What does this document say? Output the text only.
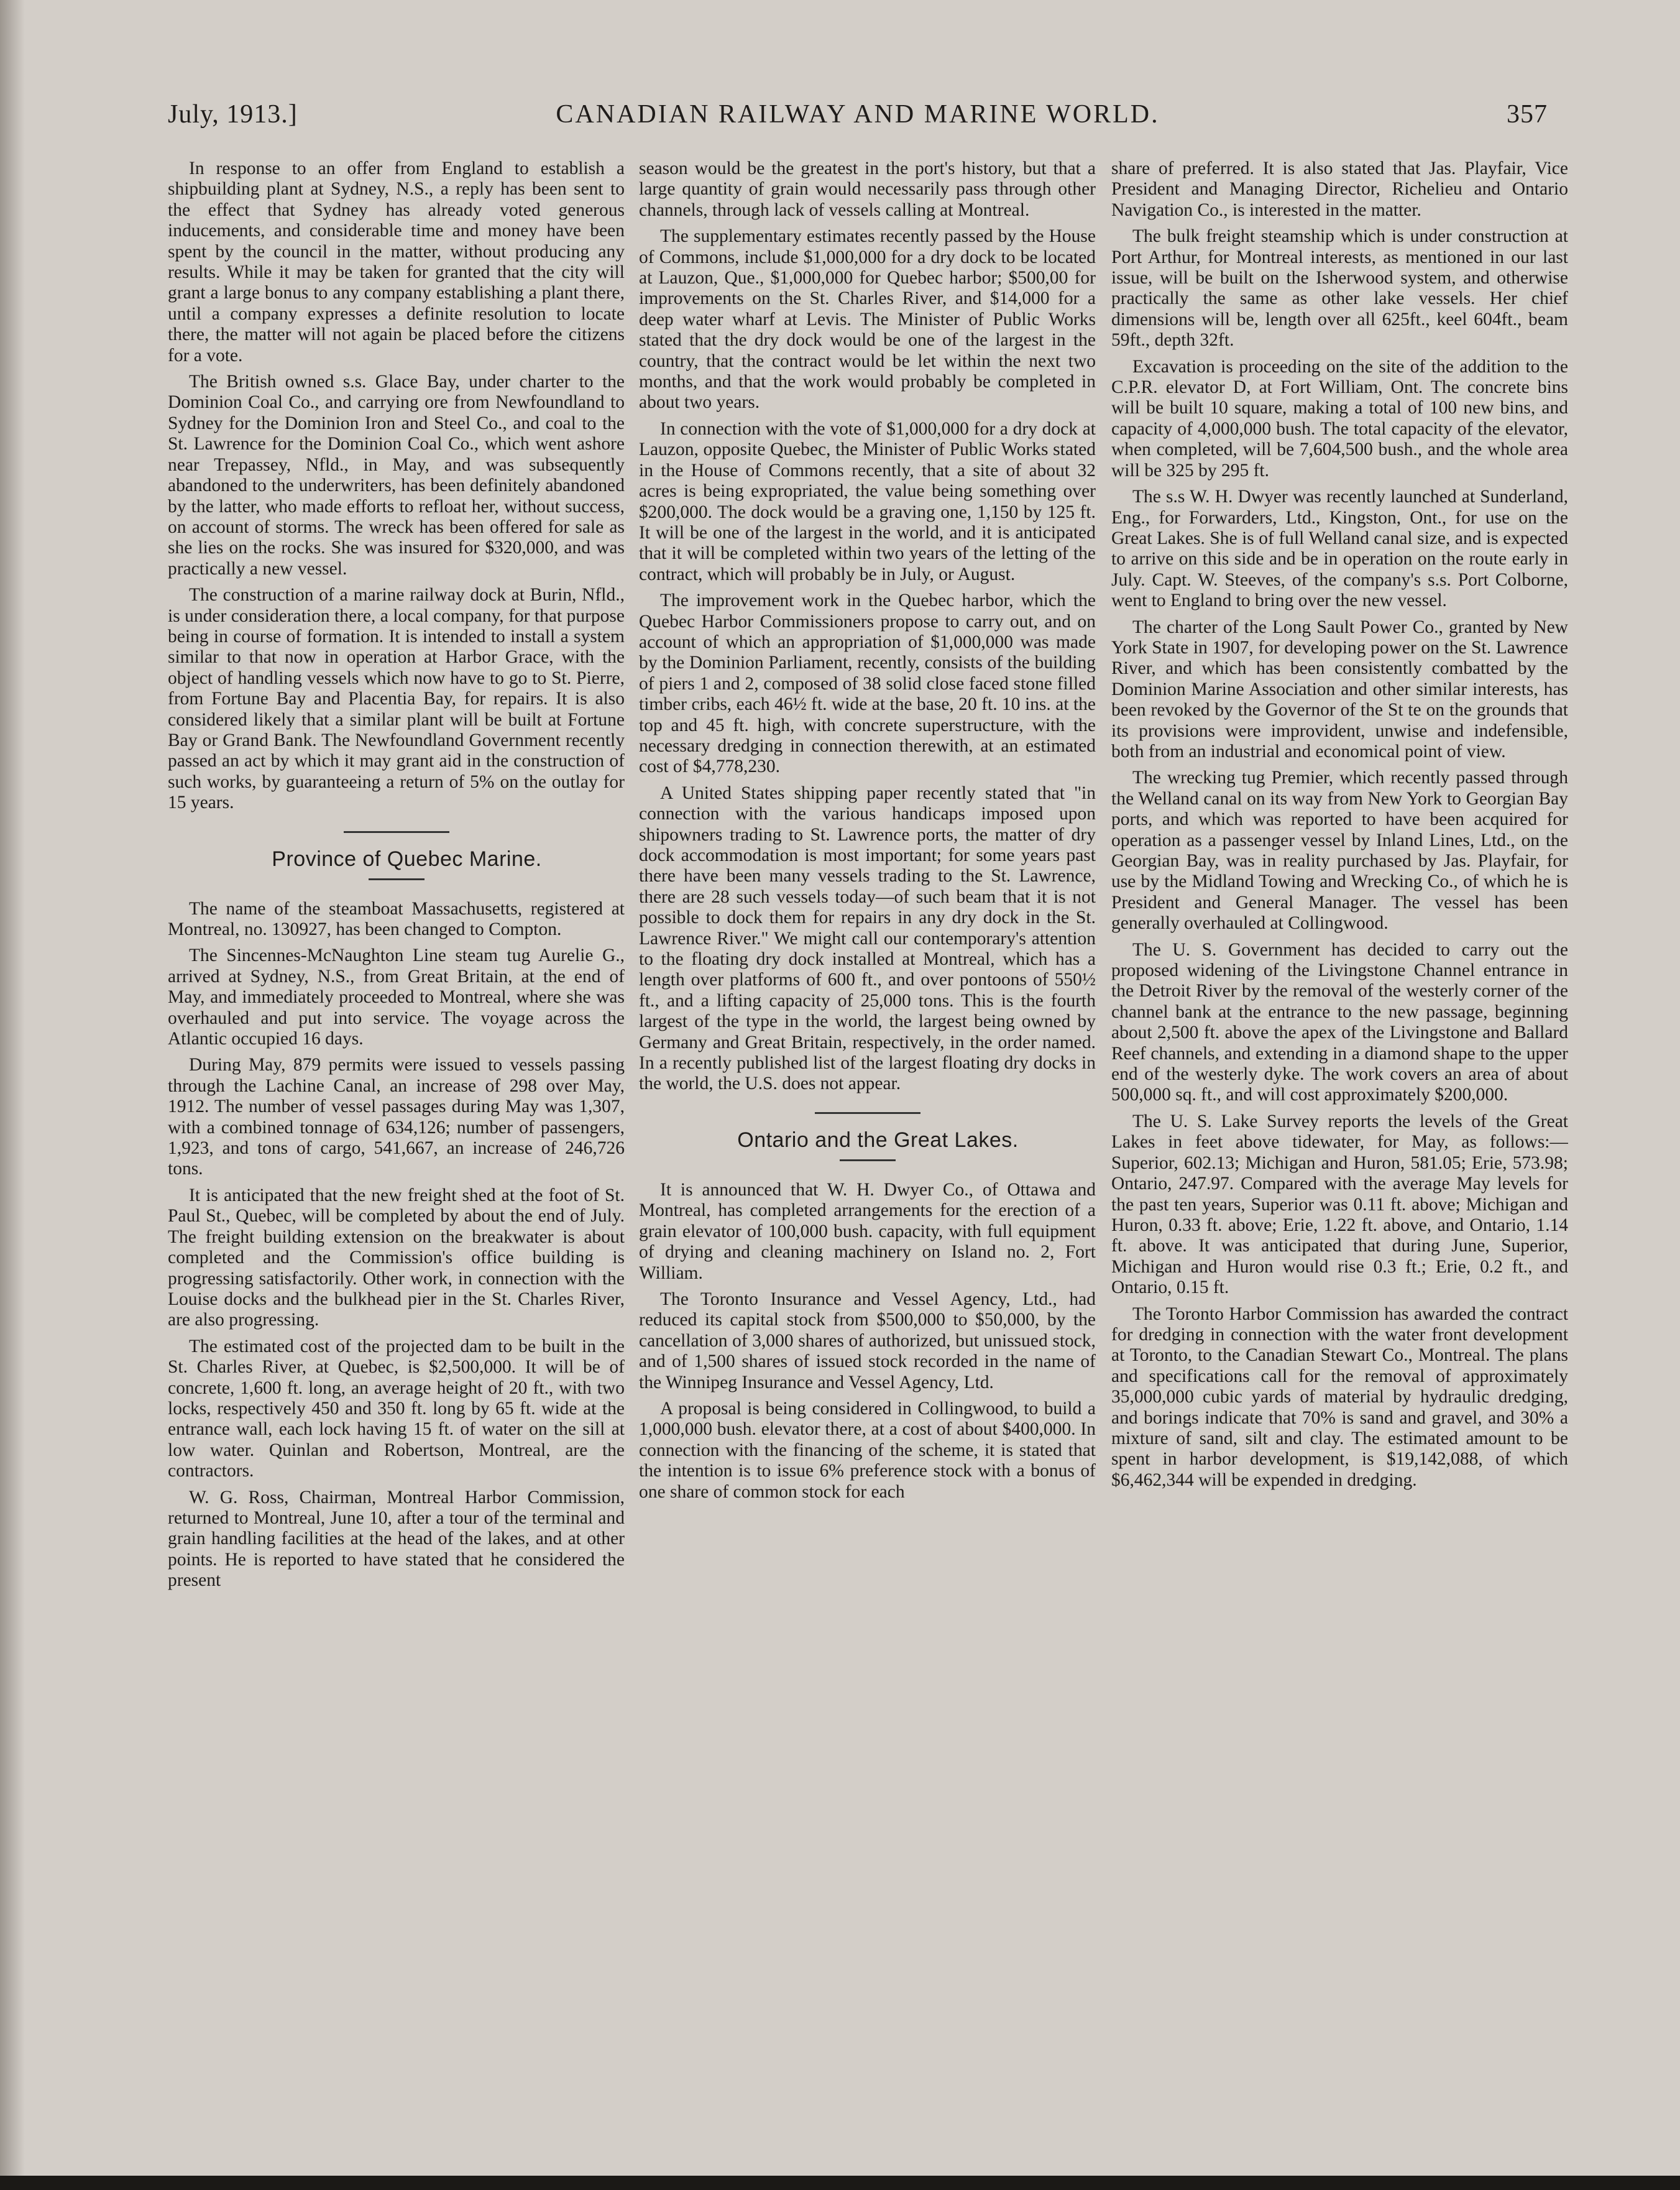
July, 1913.]	CANADIAN RAILWAY AND MARINE WORLD.	357

In response to an offer from England to establish a shipbuilding plant at Sydney, N.S., a reply has been sent to the effect that Sydney has already voted generous inducements, and considerable time and money have been spent by the council in the matter, without producing any results. While it may be taken for granted that the city will grant a large bonus to any company establishing a plant there, until a company expresses a definite resolution to locate there, the matter will not again be placed before the citizens for a vote.

The British owned s.s. Glace Bay, under charter to the Dominion Coal Co., and carrying ore from Newfoundland to Sydney for the Dominion Iron and Steel Co., and coal to the St. Lawrence for the Dominion Coal Co., which went ashore near Trepassey, Nfld., in May, and was subsequently abandoned to the underwriters, has been definitely abandoned by the latter, who made efforts to refloat her, without success, on account of storms. The wreck has been offered for sale as she lies on the rocks. She was insured for $320,000, and was practically a new vessel.

The construction of a marine railway dock at Burin, Nfld., is under consideration there, a local company, for that purpose being in course of formation. It is intended to install a system similar to that now in operation at Harbor Grace, with the object of handling vessels which now have to go to St. Pierre, from Fortune Bay and Placentia Bay, for repairs. It is also considered likely that a similar plant will be built at Fortune Bay or Grand Bank. The Newfoundland Government recently passed an act by which it may grant aid in the construction of such works, by guaranteeing a return of 5% on the outlay for 15 years.

Province of Quebec Marine.

The name of the steamboat Massachusetts, registered at Montreal, no. 130927, has been changed to Compton.

The Sincennes-McNaughton Line steam tug Aurelie G., arrived at Sydney, N.S., from Great Britain, at the end of May, and immediately proceeded to Montreal, where she was overhauled and put into service. The voyage across the Atlantic occupied 16 days.

During May, 879 permits were issued to vessels passing through the Lachine Canal, an increase of 298 over May, 1912. The number of vessel passages during May was 1,307, with a combined tonnage of 634,126; number of passengers, 1,923, and tons of cargo, 541,667, an increase of 246,726 tons.

It is anticipated that the new freight shed at the foot of St. Paul St., Quebec, will be completed by about the end of July. The freight building extension on the breakwater is about completed and the Commission's office building is progressing satisfactorily. Other work, in connection with the Louise docks and the bulkhead pier in the St. Charles River, are also progressing.

The estimated cost of the projected dam to be built in the St. Charles River, at Quebec, is $2,500,000. It will be of concrete, 1,600 ft. long, an average height of 20 ft., with two locks, respectively 450 and 350 ft. long by 65 ft. wide at the entrance wall, each lock having 15 ft. of water on the sill at low water. Quinlan and Robertson, Montreal, are the contractors.

W. G. Ross, Chairman, Montreal Harbor Commission, returned to Montreal, June 10, after a tour of the terminal and grain handling facilities at the head of the lakes, and at other points. He is reported to have stated that he considered the present

season would be the greatest in the port's history, but that a large quantity of grain would necessarily pass through other channels, through lack of vessels calling at Montreal.

The supplementary estimates recently passed by the House of Commons, include $1,000,000 for a dry dock to be located at Lauzon, Que., $1,000,000 for Quebec harbor; $500,00 for improvements on the St. Charles River, and $14,000 for a deep water wharf at Levis. The Minister of Public Works stated that the dry dock would be one of the largest in the country, that the contract would be let within the next two months, and that the work would probably be completed in about two years.

In connection with the vote of $1,000,000 for a dry dock at Lauzon, opposite Quebec, the Minister of Public Works stated in the House of Commons recently, that a site of about 32 acres is being expropriated, the value being something over $200,000. The dock would be a graving one, 1,150 by 125 ft. It will be one of the largest in the world, and it is anticipated that it will be completed within two years of the letting of the contract, which will probably be in July, or August.

The improvement work in the Quebec harbor, which the Quebec Harbor Commissioners propose to carry out, and on account of which an appropriation of $1,000,000 was made by the Dominion Parliament, recently, consists of the building of piers 1 and 2, composed of 38 solid close faced stone filled timber cribs, each 46½ ft. wide at the base, 20 ft. 10 ins. at the top and 45 ft. high, with concrete superstructure, with the necessary dredging in connection therewith, at an estimated cost of $4,778,230.

A United States shipping paper recently stated that "in connection with the various handicaps imposed upon shipowners trading to St. Lawrence ports, the matter of dry dock accommodation is most important; for some years past there have been many vessels trading to the St. Lawrence, there are 28 such vessels today—of such beam that it is not possible to dock them for repairs in any dry dock in the St. Lawrence River." We might call our contemporary's attention to the floating dry dock installed at Montreal, which has a length over platforms of 600 ft., and over pontoons of 550½ ft., and a lifting capacity of 25,000 tons. This is the fourth largest of the type in the world, the largest being owned by Germany and Great Britain, respectively, in the order named. In a recently published list of the largest floating dry docks in the world, the U.S. does not appear.

Ontario and the Great Lakes.

It is announced that W. H. Dwyer Co., of Ottawa and Montreal, has completed arrangements for the erection of a grain elevator of 100,000 bush. capacity, with full equipment of drying and cleaning machinery on Island no. 2, Fort William.

The Toronto Insurance and Vessel Agency, Ltd., had reduced its capital stock from $500,000 to $50,000, by the cancellation of 3,000 shares of authorized, but unissued stock, and of 1,500 shares of issued stock recorded in the name of the Winnipeg Insurance and Vessel Agency, Ltd.

A proposal is being considered in Collingwood, to build a 1,000,000 bush. elevator there, at a cost of about $400,000. In connection with the financing of the scheme, it is stated that the intention is to issue 6% preference stock with a bonus of one share of common stock for each

share of preferred. It is also stated that Jas. Playfair, Vice President and Managing Director, Richelieu and Ontario Navigation Co., is interested in the matter.

The bulk freight steamship which is under construction at Port Arthur, for Montreal interests, as mentioned in our last issue, will be built on the Isherwood system, and otherwise practically the same as other lake vessels. Her chief dimensions will be, length over all 625ft., keel 604ft., beam 59ft., depth 32ft.

Excavation is proceeding on the site of the addition to the C.P.R. elevator D, at Fort William, Ont. The concrete bins will be built 10 square, making a total of 100 new bins, and capacity of 4,000,000 bush. The total capacity of the elevator, when completed, will be 7,604,500 bush., and the whole area will be 325 by 295 ft.

The s.s W. H. Dwyer was recently launched at Sunderland, Eng., for Forwarders, Ltd., Kingston, Ont., for use on the Great Lakes. She is of full Welland canal size, and is expected to arrive on this side and be in operation on the route early in July. Capt. W. Steeves, of the company's s.s. Port Colborne, went to England to bring over the new vessel.

The charter of the Long Sault Power Co., granted by New York State in 1907, for developing power on the St. Lawrence River, and which has been consistently combatted by the Dominion Marine Association and other similar interests, has been revoked by the Governor of the St te on the grounds that its provisions were improvident, unwise and indefensible, both from an industrial and economical point of view.

The wrecking tug Premier, which recently passed through the Welland canal on its way from New York to Georgian Bay ports, and which was reported to have been acquired for operation as a passenger vessel by Inland Lines, Ltd., on the Georgian Bay, was in reality purchased by Jas. Playfair, for use by the Midland Towing and Wrecking Co., of which he is President and General Manager. The vessel has been generally overhauled at Collingwood.

The U. S. Government has decided to carry out the proposed widening of the Livingstone Channel entrance in the Detroit River by the removal of the westerly corner of the channel bank at the entrance to the new passage, beginning about 2,500 ft. above the apex of the Livingstone and Ballard Reef channels, and extending in a diamond shape to the upper end of the westerly dyke. The work covers an area of about 500,000 sq. ft., and will cost approximately $200,000.

The U. S. Lake Survey reports the levels of the Great Lakes in feet above tidewater, for May, as follows:—Superior, 602.13; Michigan and Huron, 581.05; Erie, 573.98; Ontario, 247.97. Compared with the average May levels for the past ten years, Superior was 0.11 ft. above; Michigan and Huron, 0.33 ft. above; Erie, 1.22 ft. above, and Ontario, 1.14 ft. above. It was anticipated that during June, Superior, Michigan and Huron would rise 0.3 ft.; Erie, 0.2 ft., and Ontario, 0.15 ft.

The Toronto Harbor Commission has awarded the contract for dredging in connection with the water front development at Toronto, to the Canadian Stewart Co., Montreal. The plans and specifications call for the removal of approximately 35,000,000 cubic yards of material by hydraulic dredging, and borings indicate that 70% is sand and gravel, and 30% a mixture of sand, silt and clay. The estimated amount to be spent in harbor development, is $19,142,088, of which $6,462,344 will be expended in dredging.
